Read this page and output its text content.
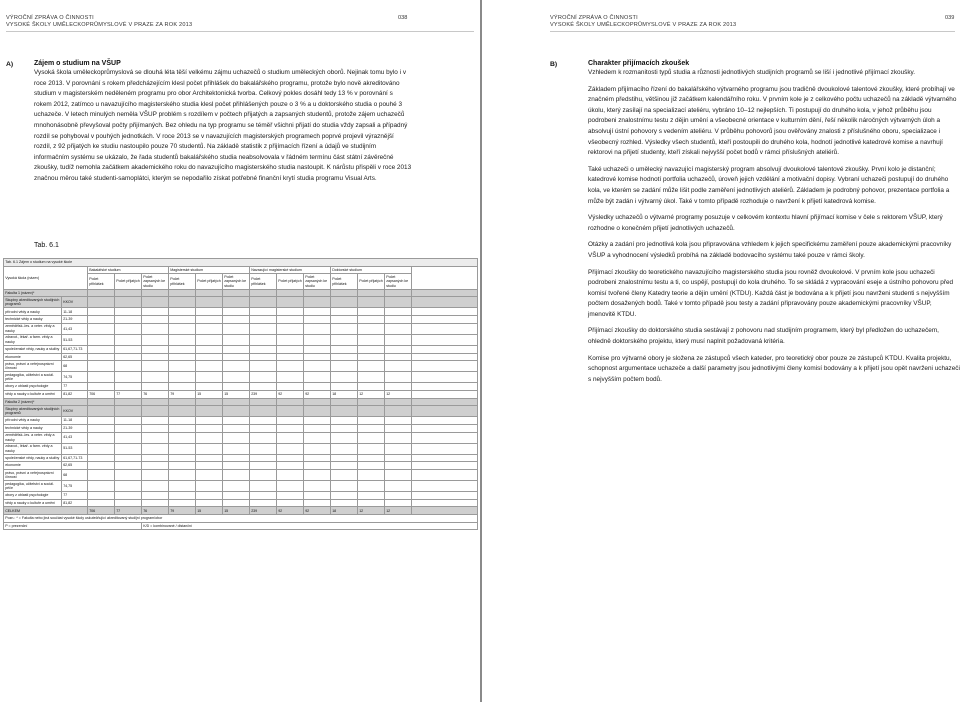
VÝROČNÍ ZPRÁVA O ČINNOSTI
VYSOKÉ ŠKOLY UMĚLECKOPRŮMYSLOVÉ V PRAZE ZA ROK 2013
038
A)	Zájem o studium na VŠUP
Vysoká škola uměleckoprůmyslová se dlouhá léta těší velkému zájmu uchazečů o studium uměleckých oborů. Nejinak tomu bylo i v roce 2013. V porovnání s rokem předcházejícím klesl počet přihlášek do bakalářského programu, protože bylo nově akreditováno studium v magisterském neděleném programu pro obor Architektonická tvorba. Celkový pokles dosáhl tedy 13 % v porovnání s rokem 2012, zatímco u navazujícího magisterského studia klesl počet přihlášených pouze o 3 % a u doktorského studia o pouhé 3 uchazeče. V letech minulých neměla VŠUP problém s rozdílem v počtech přijatých a zapsaných studentů, protože zájem uchazečů mnohonásobně převyšoval počty přijímaných. Bez ohledu na typ programu se téměř všichni přijatí do studia vždy zapsali a případný rozdíl se pohyboval v pouhých jednotkách. V roce 2013 se v navazujících magisterských programech poprvé projevil výraznější rozdíl, z 92 přijatých ke studiu nastoupilo pouze 70 studentů. Na základě statistik z přijímacích řízení a údajů ve studijním informačním systému se ukázalo, že řada studentů bakalářského studia neabsolvovala v řádném termínu část státní závěrečné zkoušky, tudíž nemohla začátkem akademického roku do navazujícího magisterského studia nastoupit. K nárůstu přispěli v roce 2013 značnou měrou také studenti-samoplátci, kterým se nepodařilo získat potřebné finanční krytí studia programu Visual Arts.
Tab. 6.1
Tab. 6.1 Zájem o studium na vysoké škole														
Vysoká škola (název)		Bakalářské studium			Magisterské studium			Navazující magisterské studium			Doktorské studium			
		Počet přihlášek	Počet přijatých	Počet zapsaných ke studiu	Počet přihlášek	Počet přijatých	Počet zapsaných ke studiu	Počet přihlášek	Počet přijatých	Počet zapsaných ke studiu	Počet přihlášek	Počet přijatých	Počet zapsaných ke studiu	
Fakulta 1 (název)*														
Skupiny akreditovaných studijních programů	KKOV													
přírodní vědy a nauky	11-18													
technické vědy a nauky	21-39													
zemědělsk.-les. a veter. vědy a nauky	41,43													
zdravot., lékař. a farm. vědy a nauky	51-53													
společenské vědy, nauky a služby	61,67,71-73													
ekonomie	62,65													
právo, právní a veřejnosprávní činnost	68													
pedagogika, učitelství a sociál. péče	74,75													
obory z oblasti psychologie	77													
vědy a nauky o kultuře a umění	81,82	706	77	76	79	15	15	239	92	92	18	12	12	
Fakulta 2 (název)*														
Skupiny akreditovaných studijních programů	KKOV													
přírodní vědy a nauky	11-18													
technické vědy a nauky	21-39													
zemědělsk.-les. a veter. vědy a nauky	41,43													
zdravot., lékař. a farm. vědy a nauky	51-53													
společenské vědy, nauky a služby	61,67,71-73													
ekonomie	62,65													
právo, právní a veřejnosprávní činnost	68													
pedagogika, učitelství a sociál. péče	74,75													
obory z oblasti psychologie	77													
vědy a nauky o kultuře a umění	81,82													
CELKEM		706	77	76	79	15	15	239	92	92	18	12	12	
Pozn.: * = Fakulta nebo jiná součást vysoké školy uskutečňující akreditovaný studijní program/obor														
P = prezenční				K/D = kombinované / distanční										
VÝROČNÍ ZPRÁVA O ČINNOSTI
VYSOKÉ ŠKOLY UMĚLECKOPRŮMYSLOVÉ V PRAZE ZA ROK 2013
039
B)	Charakter přijímacích zkoušek

Vzhledem k rozmanitosti typů studia a různosti jednotlivých studijních programů se liší i jednotlivé přijímací zkoušky.

Základem přijímacího řízení do bakalářského výtvarného programu jsou tradičně dvoukolové talentové zkoušky, které probíhají ve značném předstihu, většinou již začátkem kalendářního roku. V prvním kole je z celkového počtu uchazečů na základě výtvarného úkolu, který zasílají na specializací ateliéru, vybráno 10–12 nejlepších. Ti postupují do druhého kola, v jehož průběhu jsou podrobeni znalostnímu testu z dějin umění a všeobecné orientace v kulturním dění, řeší několik náročných výtvarných úloh a absolvují ústní pohovory s vedením ateliéru. V průběhu pohovorů jsou ověřovány znalosti z příslušného oboru, specializace i všeobecný rozhled. Výsledky všech studentů, kteří postoupili do druhého kola, hodnotí jednotlivé katedrové komise a navrhují rektorovi na přijetí studenty, kteří získali nejvyšší počet bodů v rámci příslušných ateliérů.

Také uchazeči o umělecký navazující magisterský program absolvují dvoukolové talentové zkoušky. První kolo je distanční; katedrové komise hodnotí portfolia uchazečů, úroveň jejich vzdělání a motivační dopisy. Vybraní uchazeči postupují do druhého kola, ve kterém se zadání může lišit podle zaměření jednotlivých ateliérů. Základem je podrobný pohovor, prezentace portfolia a může být zadán i výtvarný úkol. Také v tomto případě rozhoduje o navržení k přijetí katedrová komise.

Výsledky uchazečů o výtvarné programy posuzuje v celkovém kontextu hlavní přijímací komise v čele s rektorem VŠUP, který rozhodne o konečném přijetí jednotlivých uchazečů.

Otázky a zadání pro jednotlivá kola jsou připravována vzhledem k jejich specifickému zaměření pouze akademickými pracovníky VŠUP a vyhodnocení výsledků probíhá na základě bodovacího systému také pouze v rámci školy.

Přijímací zkoušky do teoretického navazujícího magisterského studia jsou rovněž dvoukolové. V prvním kole jsou uchazeči podrobeni znalostnímu testu a ti, co uspějí, postupují do kola druhého. To se skládá z vypracování eseje a ústního pohovoru před komisí tvořené členy Katedry teorie a dějin umění (KTDU). Každá část je bodována a k přijetí jsou navrženi studenti s nejvyšším počtem dosažených bodů. Také v tomto případě jsou testy a zadání připravovány pouze akademickými pracovníky VŠUP, jmenovitě KTDU.

Přijímací zkoušky do doktorského studia sestávají z pohovoru nad studijním programem, který byl předložen do uchazečem, ohledně doktorského projektu, který musí naplnit požadovaná kritéria.

Komise pro výtvarné obory je složena ze zástupců všech kateder, pro teoretický obor pouze ze zástupců KTDU. Kvalita projektu, schopnost argumentace uchazeče a další parametry jsou jednotlivými členy komisí bodovány a k přijetí jsou opět navrženi uchazeči s nejvyšším počtem bodů.
